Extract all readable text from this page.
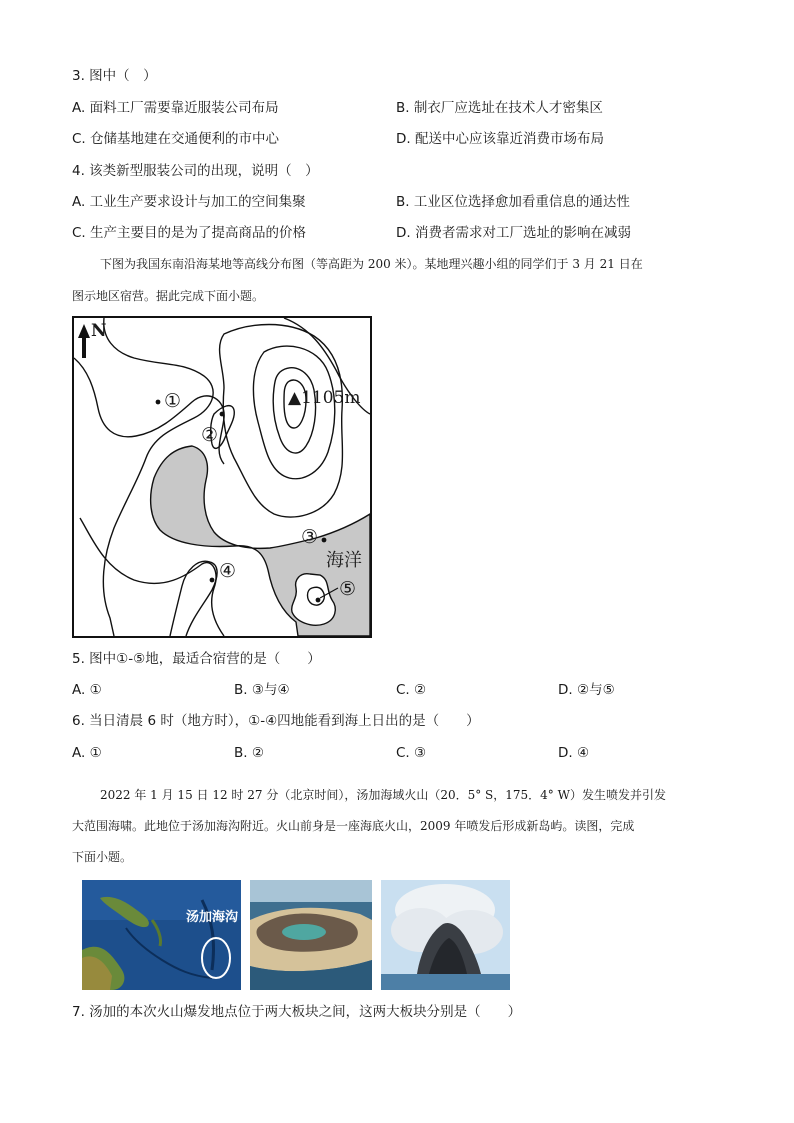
3. 图中（　）
A. 面料工厂需要靠近服装公司布局	B. 制衣厂应选址在技术人才密集区
C. 仓储基地建在交通便利的市中心	D. 配送中心应该靠近消费市场布局
4. 该类新型服装公司的出现，说明（　）
A. 工业生产要求设计与加工的空间集聚	B. 工业区位选择愈加看重信息的通达性
C. 生产主要目的是为了提高商品的价格	D. 消费者需求对工厂选址的影响在减弱
下图为我国东南沿海某地等高线分布图（等高距为 200 米）。某地理兴趣小组的同学们于 3 月 21 日在
图示地区宿营。据此完成下面小题。
N
▲1105m
海洋
①
②
③
④
⑤
5. 图中①-⑤地，最适合宿营的是（　　）
A. ①	B. ③与④	C. ②	D. ②与⑤
6. 当日清晨 6 时（地方时），①-④四地能看到海上日出的是（　　）
A. ①	B. ②	C. ③	D. ④
2022 年 1 月 15 日 12 时 27 分（北京时间），汤加海域火山（20．5° S，175．4° W）发生喷发并引发
大范围海啸。此地位于汤加海沟附近。火山前身是一座海底火山，2009 年喷发后形成新岛屿。读图，完成
下面小题。
汤加海沟
7. 汤加的本次火山爆发地点位于两大板块之间，这两大板块分别是（　　）
